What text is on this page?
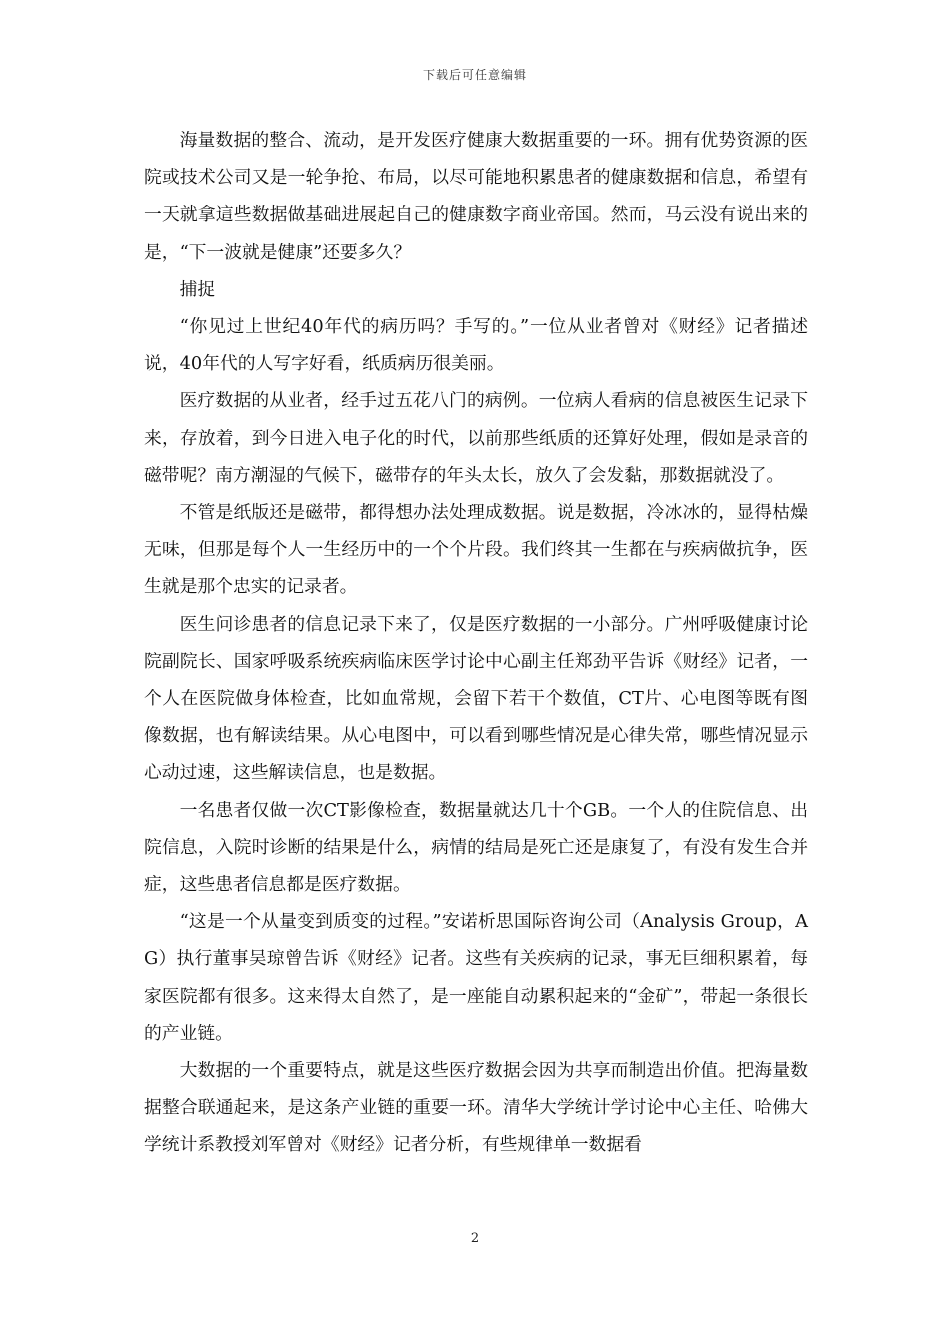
下载后可任意编辑

海量数据的整合、流动，是开发医疗健康大数据重要的一环。拥有优势资源的医院或技术公司又是一轮争抢、布局，以尽可能地积累患者的健康数据和信息，希望有一天就拿這些数据做基础进展起自己的健康数字商业帝国。然而，马云没有说出来的是，“下一波就是健康”还要多久？

捕捉

“你见过上世纪40年代的病历吗？手写的。”一位从业者曾对《财经》记者描述说，40年代的人写字好看，纸质病历很美丽。

医疗数据的从业者，经手过五花八门的病例。一位病人看病的信息被医生记录下来，存放着，到今日进入电子化的时代，以前那些纸质的还算好处理，假如是录音的磁带呢？南方潮湿的气候下，磁带存的年头太长，放久了会发黏，那数据就没了。

不管是纸版还是磁带，都得想办法处理成数据。说是数据，冷冰冰的，显得枯燥无味，但那是每个人一生经历中的一个个片段。我们终其一生都在与疾病做抗争，医生就是那个忠实的记录者。

医生问诊患者的信息记录下来了，仅是医疗数据的一小部分。广州呼吸健康讨论院副院长、国家呼吸系统疾病临床医学讨论中心副主任郑劲平告诉《财经》记者，一个人在医院做身体检查，比如血常规，会留下若干个数值，CT片、心电图等既有图像数据，也有解读结果。从心电图中，可以看到哪些情况是心律失常，哪些情况显示心动过速，这些解读信息，也是数据。

一名患者仅做一次CT影像检查，数据量就达几十个GB。一个人的住院信息、出院信息，入院时诊断的结果是什么，病情的结局是死亡还是康复了，有没有发生合并症，这些患者信息都是医疗数据。

“这是一个从量变到质变的过程。”安诺析思国际咨询公司（Analysis Group，AG）执行董事吴琼曾告诉《财经》记者。这些有关疾病的记录，事无巨细积累着，每家医院都有很多。这来得太自然了，是一座能自动累积起来的“金矿”，带起一条很长的产业链。

大数据的一个重要特点，就是这些医疗数据会因为共享而制造出价值。把海量数据整合联通起来，是这条产业链的重要一环。清华大学统计学讨论中心主任、哈佛大学统计系教授刘军曾对《财经》记者分析，有些规律单一数据看

2
